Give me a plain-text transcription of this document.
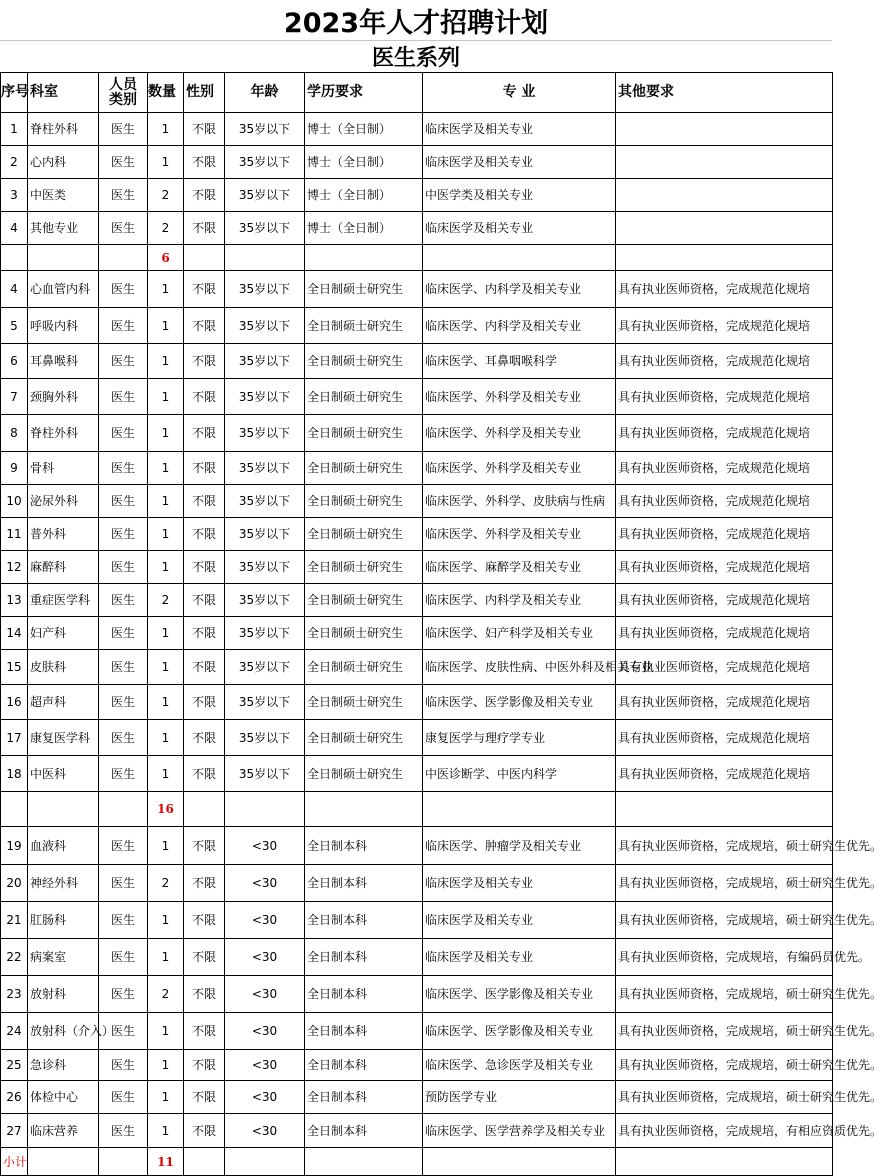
2023年人才招聘计划
医生系列
序号	科室	人员类别	数量	性别	年龄	学历要求	专 业	其他要求
1	脊柱外科	医生	1	不限	35岁以下	博士（全日制）	临床医学及相关专业	
2	心内科	医生	1	不限	35岁以下	博士（全日制）	临床医学及相关专业	
3	中医类	医生	2	不限	35岁以下	博士（全日制）	中医学类及相关专业	
4	其他专业	医生	2	不限	35岁以下	博士（全日制）	临床医学及相关专业	
			6					
4	心血管内科	医生	1	不限	35岁以下	全日制硕士研究生	临床医学、内科学及相关专业	具有执业医师资格，完成规范化规培
5	呼吸内科	医生	1	不限	35岁以下	全日制硕士研究生	临床医学、内科学及相关专业	具有执业医师资格，完成规范化规培
6	耳鼻喉科	医生	1	不限	35岁以下	全日制硕士研究生	临床医学、耳鼻咽喉科学	具有执业医师资格，完成规范化规培
7	颈胸外科	医生	1	不限	35岁以下	全日制硕士研究生	临床医学、外科学及相关专业	具有执业医师资格，完成规范化规培
8	脊柱外科	医生	1	不限	35岁以下	全日制硕士研究生	临床医学、外科学及相关专业	具有执业医师资格，完成规范化规培
9	骨科	医生	1	不限	35岁以下	全日制硕士研究生	临床医学、外科学及相关专业	具有执业医师资格，完成规范化规培
10	泌尿外科	医生	1	不限	35岁以下	全日制硕士研究生	临床医学、外科学、皮肤病与性病	具有执业医师资格，完成规范化规培
11	普外科	医生	1	不限	35岁以下	全日制硕士研究生	临床医学、外科学及相关专业	具有执业医师资格，完成规范化规培
12	麻醉科	医生	1	不限	35岁以下	全日制硕士研究生	临床医学、麻醉学及相关专业	具有执业医师资格，完成规范化规培
13	重症医学科	医生	2	不限	35岁以下	全日制硕士研究生	临床医学、内科学及相关专业	具有执业医师资格，完成规范化规培
14	妇产科	医生	1	不限	35岁以下	全日制硕士研究生	临床医学、妇产科学及相关专业	具有执业医师资格，完成规范化规培
15	皮肤科	医生	1	不限	35岁以下	全日制硕士研究生	临床医学、皮肤性病、中医外科及相关专业	具有执业医师资格，完成规范化规培
16	超声科	医生	1	不限	35岁以下	全日制硕士研究生	临床医学、医学影像及相关专业	具有执业医师资格，完成规范化规培
17	康复医学科	医生	1	不限	35岁以下	全日制硕士研究生	康复医学与理疗学专业	具有执业医师资格，完成规范化规培
18	中医科	医生	1	不限	35岁以下	全日制硕士研究生	中医诊断学、中医内科学	具有执业医师资格，完成规范化规培
			16					
19	血液科	医生	1	不限	<30	全日制本科	临床医学、肿瘤学及相关专业	具有执业医师资格，完成规培，硕士研究生优先。
20	神经外科	医生	2	不限	<30	全日制本科	临床医学及相关专业	具有执业医师资格，完成规培，硕士研究生优先。
21	肛肠科	医生	1	不限	<30	全日制本科	临床医学及相关专业	具有执业医师资格，完成规培，硕士研究生优先。
22	病案室	医生	1	不限	<30	全日制本科	临床医学及相关专业	具有执业医师资格，完成规培，有编码员优先。
23	放射科	医生	2	不限	<30	全日制本科	临床医学、医学影像及相关专业	具有执业医师资格，完成规培，硕士研究生优先。
24	放射科（介入）	医生	1	不限	<30	全日制本科	临床医学、医学影像及相关专业	具有执业医师资格，完成规培，硕士研究生优先。
25	急诊科	医生	1	不限	<30	全日制本科	临床医学、急诊医学及相关专业	具有执业医师资格，完成规培，硕士研究生优先。
26	体检中心	医生	1	不限	<30	全日制本科	预防医学专业	具有执业医师资格，完成规培，硕士研究生优先。
27	临床营养	医生	1	不限	<30	全日制本科	临床医学、医学营养学及相关专业	具有执业医师资格，完成规培，有相应资质优先。
小计			11					
